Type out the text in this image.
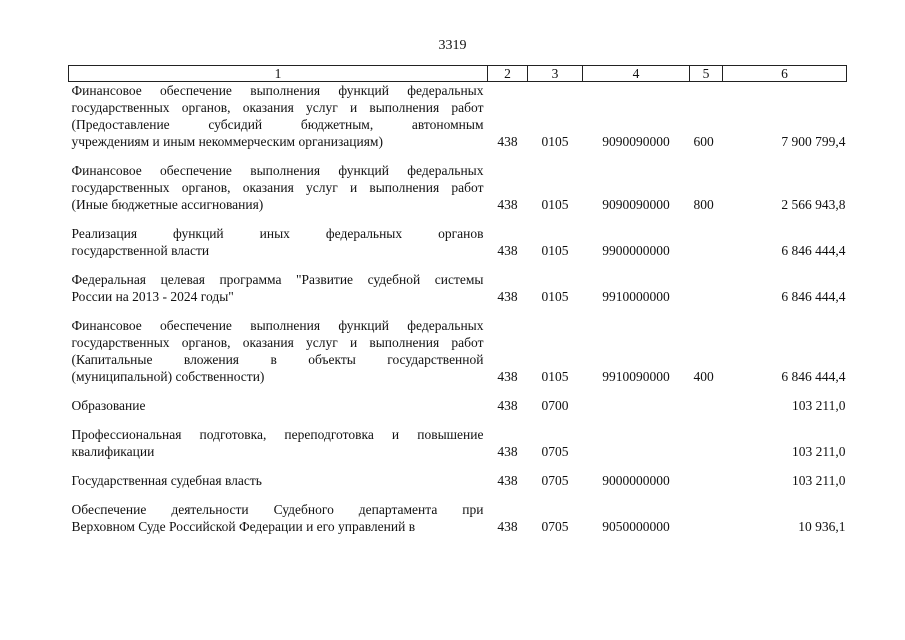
3319
1	2	3	4	5	6

Финансовое обеспечение выполнения функций федеральных
государственных органов, оказания услуг и выполнения работ
(Предоставление субсидий бюджетным, автономным
учреждениям и иным некоммерческим организациям)	438	0105	9090090000	600	7 900 799,4

Финансовое обеспечение выполнения функций федеральных
государственных органов, оказания услуг и выполнения работ
(Иные бюджетные ассигнования)	438	0105	9090090000	800	2 566 943,8

Реализация функций иных федеральных органов
государственной власти	438	0105	9900000000		6 846 444,4

Федеральная целевая программа "Развитие судебной системы
России на 2013 - 2024 годы"	438	0105	9910000000		6 846 444,4

Финансовое обеспечение выполнения функций федеральных
государственных органов, оказания услуг и выполнения работ
(Капитальные вложения в объекты государственной
(муниципальной) собственности)	438	0105	9910090000	400	6 846 444,4

Образование	438	0700			103 211,0

Профессиональная подготовка, переподготовка и повышение
квалификации	438	0705			103 211,0

Государственная судебная власть	438	0705	9000000000		103 211,0

Обеспечение деятельности Судебного департамента при
Верховном Суде Российской Федерации и его управлений в	438	0705	9050000000		10 936,1
